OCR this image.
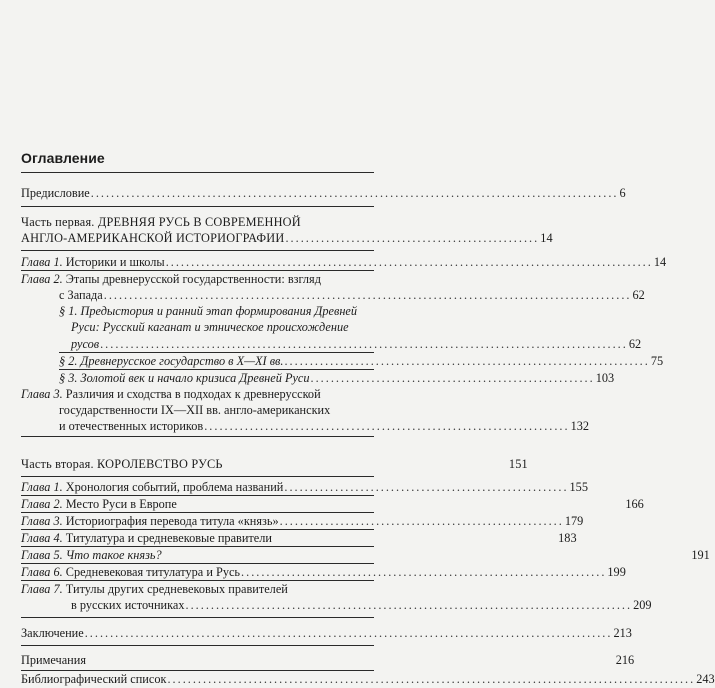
Оглавление
Предисловие ........................................................................................................ 6
Часть первая. ДРЕВНЯЯ РУСЬ В СОВРЕМЕННОЙ
АНГЛО-АМЕРИКАНСКОЙ ИСТОРИОГРАФИИ .................................................. 14
Глава 1. Историки и школы ................................................................................................ 14
Глава 2. Этапы древнерусской государственности: взгляд
с Запада ........................................................................................................ 62
§ 1. Предыстория и ранний этап формирования Древней
Руси: Русский каганат и этническое происхождение
русов ........................................................................................................ 62
§ 2. Древнерусское государство в X—XI вв. ........................................................................ 75
§ 3. Золотой век и начало кризиса Древней Руси ........................................................ 103
Глава 3. Различия и сходства в подходах к древнерусской
государственности IX—XII вв. англо-американских
и отечественных историков ........................................................................ 132
Часть вторая. КОРОЛЕВСТВО РУСЬ	151
Глава 1. Хронология событий, проблема названий ........................................................ 155
Глава 2. Место Руси в Европе	166
Глава 3. Историография перевода титула «князь» ........................................................ 179
Глава 4. Титулатура и средневековые правители	183
Глава 5. Что такое князь?	191
Глава 6. Средневековая титулатура и Русь ........................................................................ 199
Глава 7. Титулы других средневековых правителей
в русских источниках ........................................................................................ 209
Заключение ........................................................................................................ 213
Примечания	216
Библиографический список ........................................................................................................ 243
